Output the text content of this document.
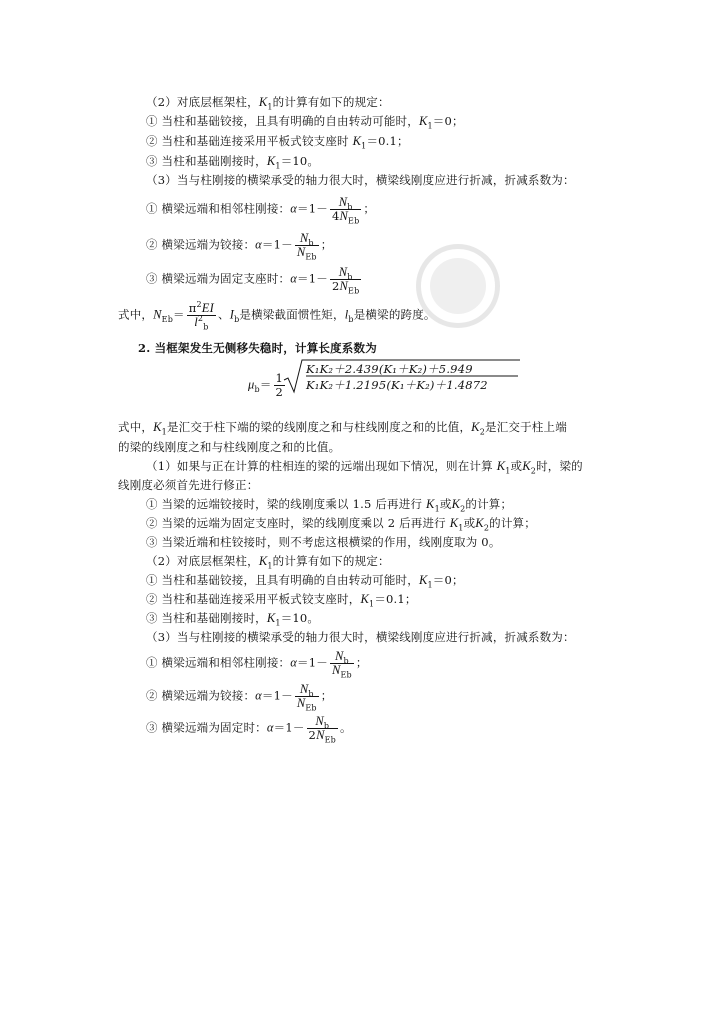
（2）对底层框架柱，$K_1$的计算有如下的规定：
① 当柱和基础铰接，且具有明确的自由转动可能时，$K_1=0$；
② 当柱和基础连接采用平板式铰支座时 $K_1=0.1$；
③ 当柱和基础刚接时，$K_1=10$。
（3）当与柱刚接的横梁承受的轴力很大时，横梁线刚度应进行折减，折减系数为：
① 横梁远端和相邻柱刚接：$\alpha=1- \frac{N_b}{4N_{Eb}}$ ；
② 横梁远端为铰接：$\alpha=1- \frac{N_b}{N_{Eb}}$ ；
③ 横梁远端为固定支座时：$\alpha=1- \frac{N_b}{2N_{Eb}}$
式中，$N_{Eb}= \frac{\pi^2EI}{l^2_b}$ 、$I_b$是横梁截面惯性矩，$l_b$是横梁的跨度。
2. 当框架发生无侧移失稳时，计算长度系数为
$\mu_b= \frac{1}{2}$
K₁K₂＋2.439(K₁＋K₂)＋5.949
K₁K₂＋1.2195(K₁＋K₂)＋1.4872
式中，$K_1$是汇交于柱下端的梁的线刚度之和与柱线刚度之和的比值，$K_2$是汇交于柱上端
的梁的线刚度之和与柱线刚度之和的比值。
（1）如果与正在计算的柱相连的梁的远端出现如下情况，则在计算 $K_1$或$K_2$时，梁的
线刚度必须首先进行修正：
① 当梁的远端铰接时，梁的线刚度乘以 1.5 后再进行 $K_1$或$K_2$的计算；
② 当梁的远端为固定支座时，梁的线刚度乘以 2 后再进行 $K_1$或$K_2$的计算；
③ 当梁近端和柱铰接时，则不考虑这根横梁的作用，线刚度取为 0。
（2）对底层框架柱，$K_1$的计算有如下的规定：
① 当柱和基础铰接，且具有明确的自由转动可能时，$K_1=0$；
② 当柱和基础连接采用平板式铰支座时，$K_1=0.1$；
③ 当柱和基础刚接时，$K_1=10$。
（3）当与柱刚接的横梁承受的轴力很大时，横梁线刚度应进行折减，折减系数为：
① 横梁远端和相邻柱刚接：$\alpha=1- \frac{N_b}{N_{Eb}}$ ；
② 横梁远端为铰接：$\alpha=1- \frac{N_b}{N_{Eb}}$ ；
③ 横梁远端为固定时：$\alpha=1- \frac{N_b}{2N_{Eb}}$ 。
